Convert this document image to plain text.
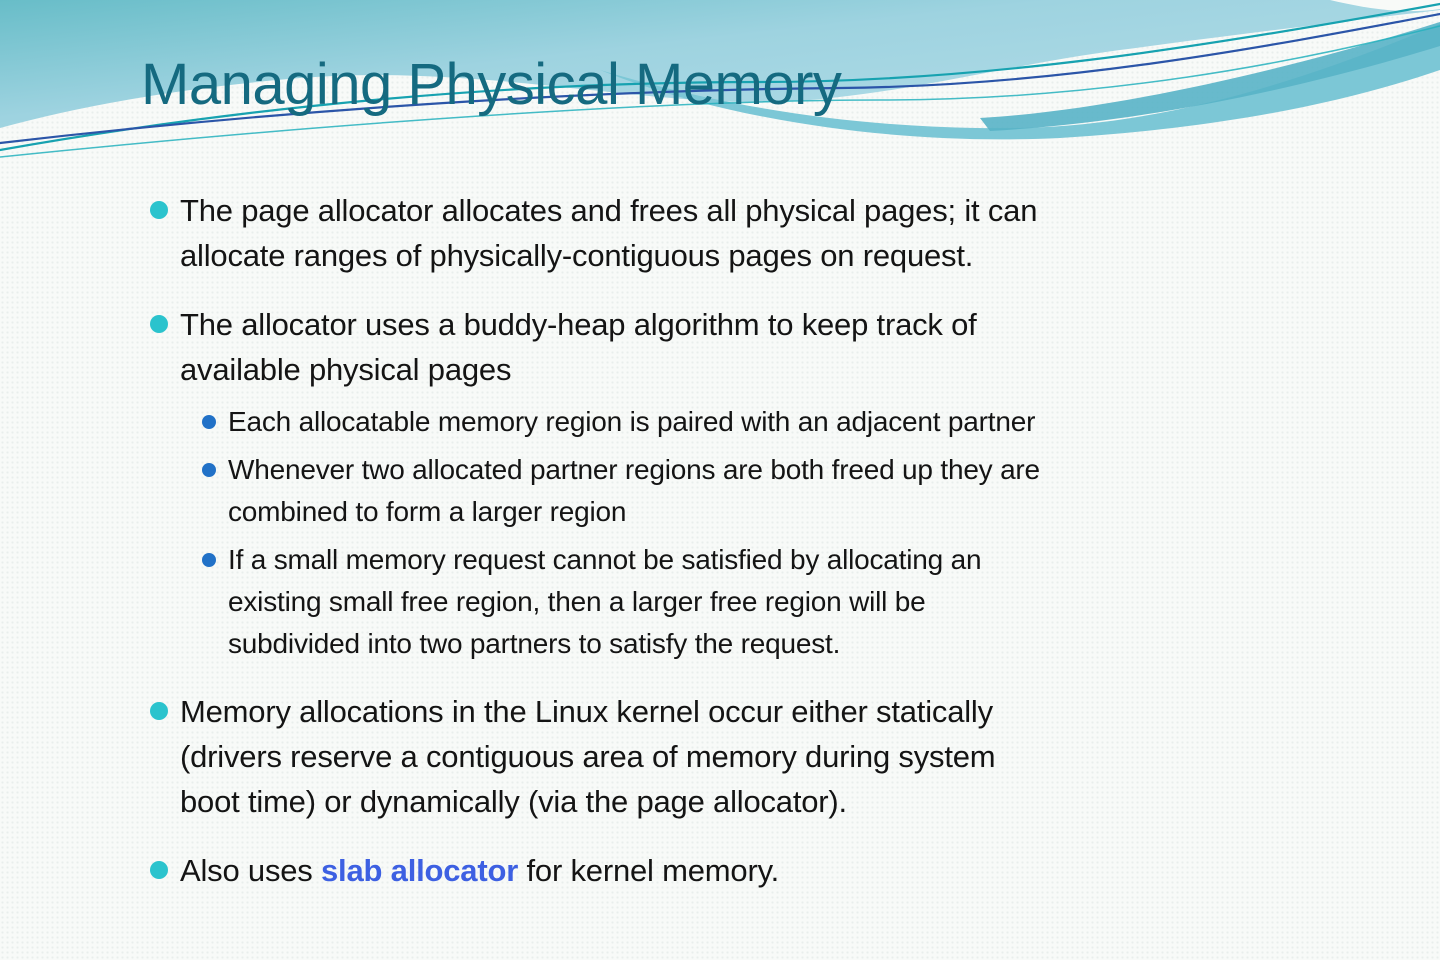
Managing Physical Memory
The page allocator allocates and frees all physical pages; it can
allocate ranges of physically-contiguous pages on request.
The allocator uses a buddy-heap algorithm to keep track of
available physical pages
Each allocatable memory region is paired with an adjacent partner
Whenever two allocated partner regions are both freed up they are
combined to form a larger region
If a small memory request cannot be satisfied by allocating an
existing small free region, then a larger free region will be
subdivided into two partners to satisfy the request.
Memory allocations in the Linux kernel occur either statically
(drivers reserve a contiguous area of memory during system
boot time) or dynamically (via the page allocator).
Also uses slab allocator for kernel memory.
